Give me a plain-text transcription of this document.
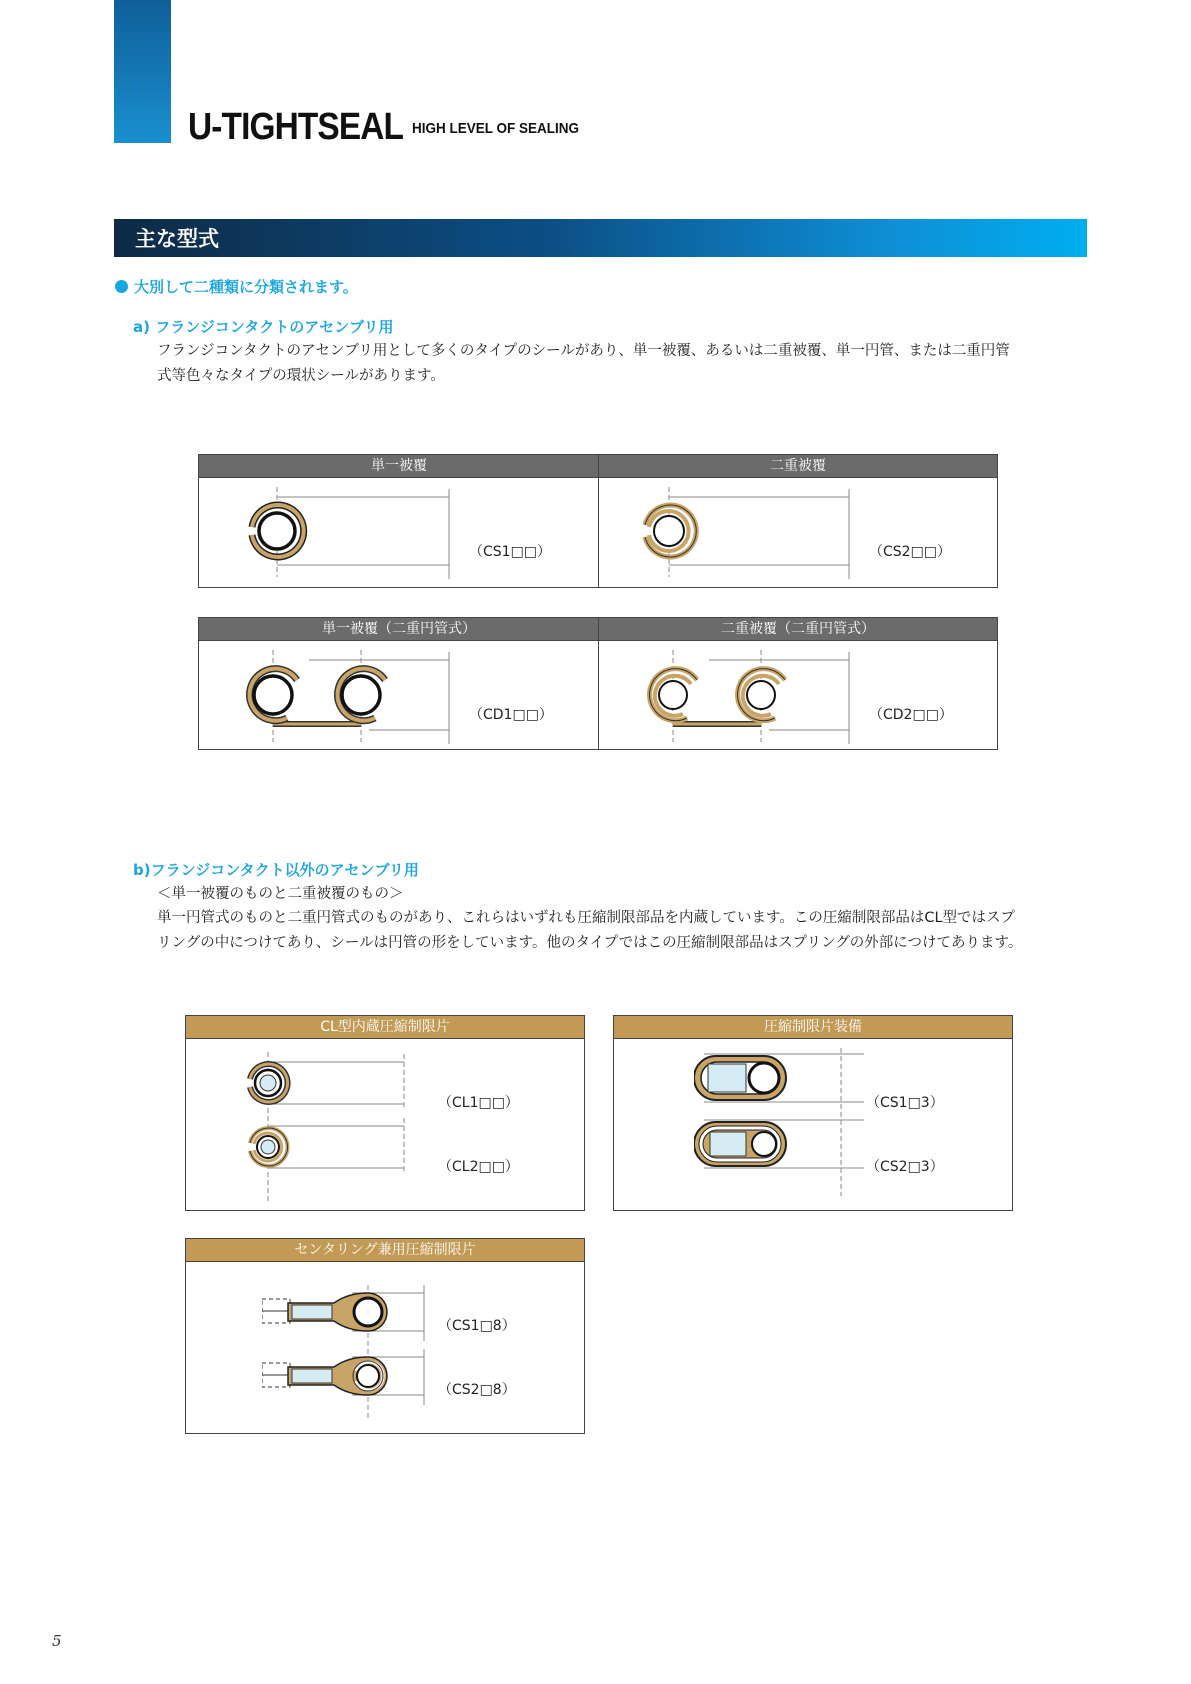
U-TIGHTSEAL HIGH LEVEL OF SEALING
主な型式
大別して二種類に分類されます。
a) フランジコンタクトのアセンブリ用
フランジコンタクトのアセンブリ用として多くのタイプのシールがあり、単一被覆、あるいは二重被覆、単一円管、または二重円管
式等色々なタイプの環状シールがあります。
単一被覆	二重被覆
（CS1□□）	（CS2□□）
単一被覆（二重円管式）	二重被覆（二重円管式）
（CD1□□）	（CD2□□）
b)フランジコンタクト以外のアセンブリ用
＜単一被覆のものと二重被覆のもの＞
単一円管式のものと二重円管式のものがあり、これらはいずれも圧縮制限部品を内蔵しています。この圧縮制限部品はCL型ではスプ
リングの中につけてあり、シールは円管の形をしています。他のタイプではこの圧縮制限部品はスプリングの外部につけてあります。
CL型内蔵圧縮制限片
（CL1□□）
（CL2□□）
圧縮制限片装備
（CS1□3）
（CS2□3）
センタリング兼用圧縮制限片
（CS1□8）
（CS2□8）
5
